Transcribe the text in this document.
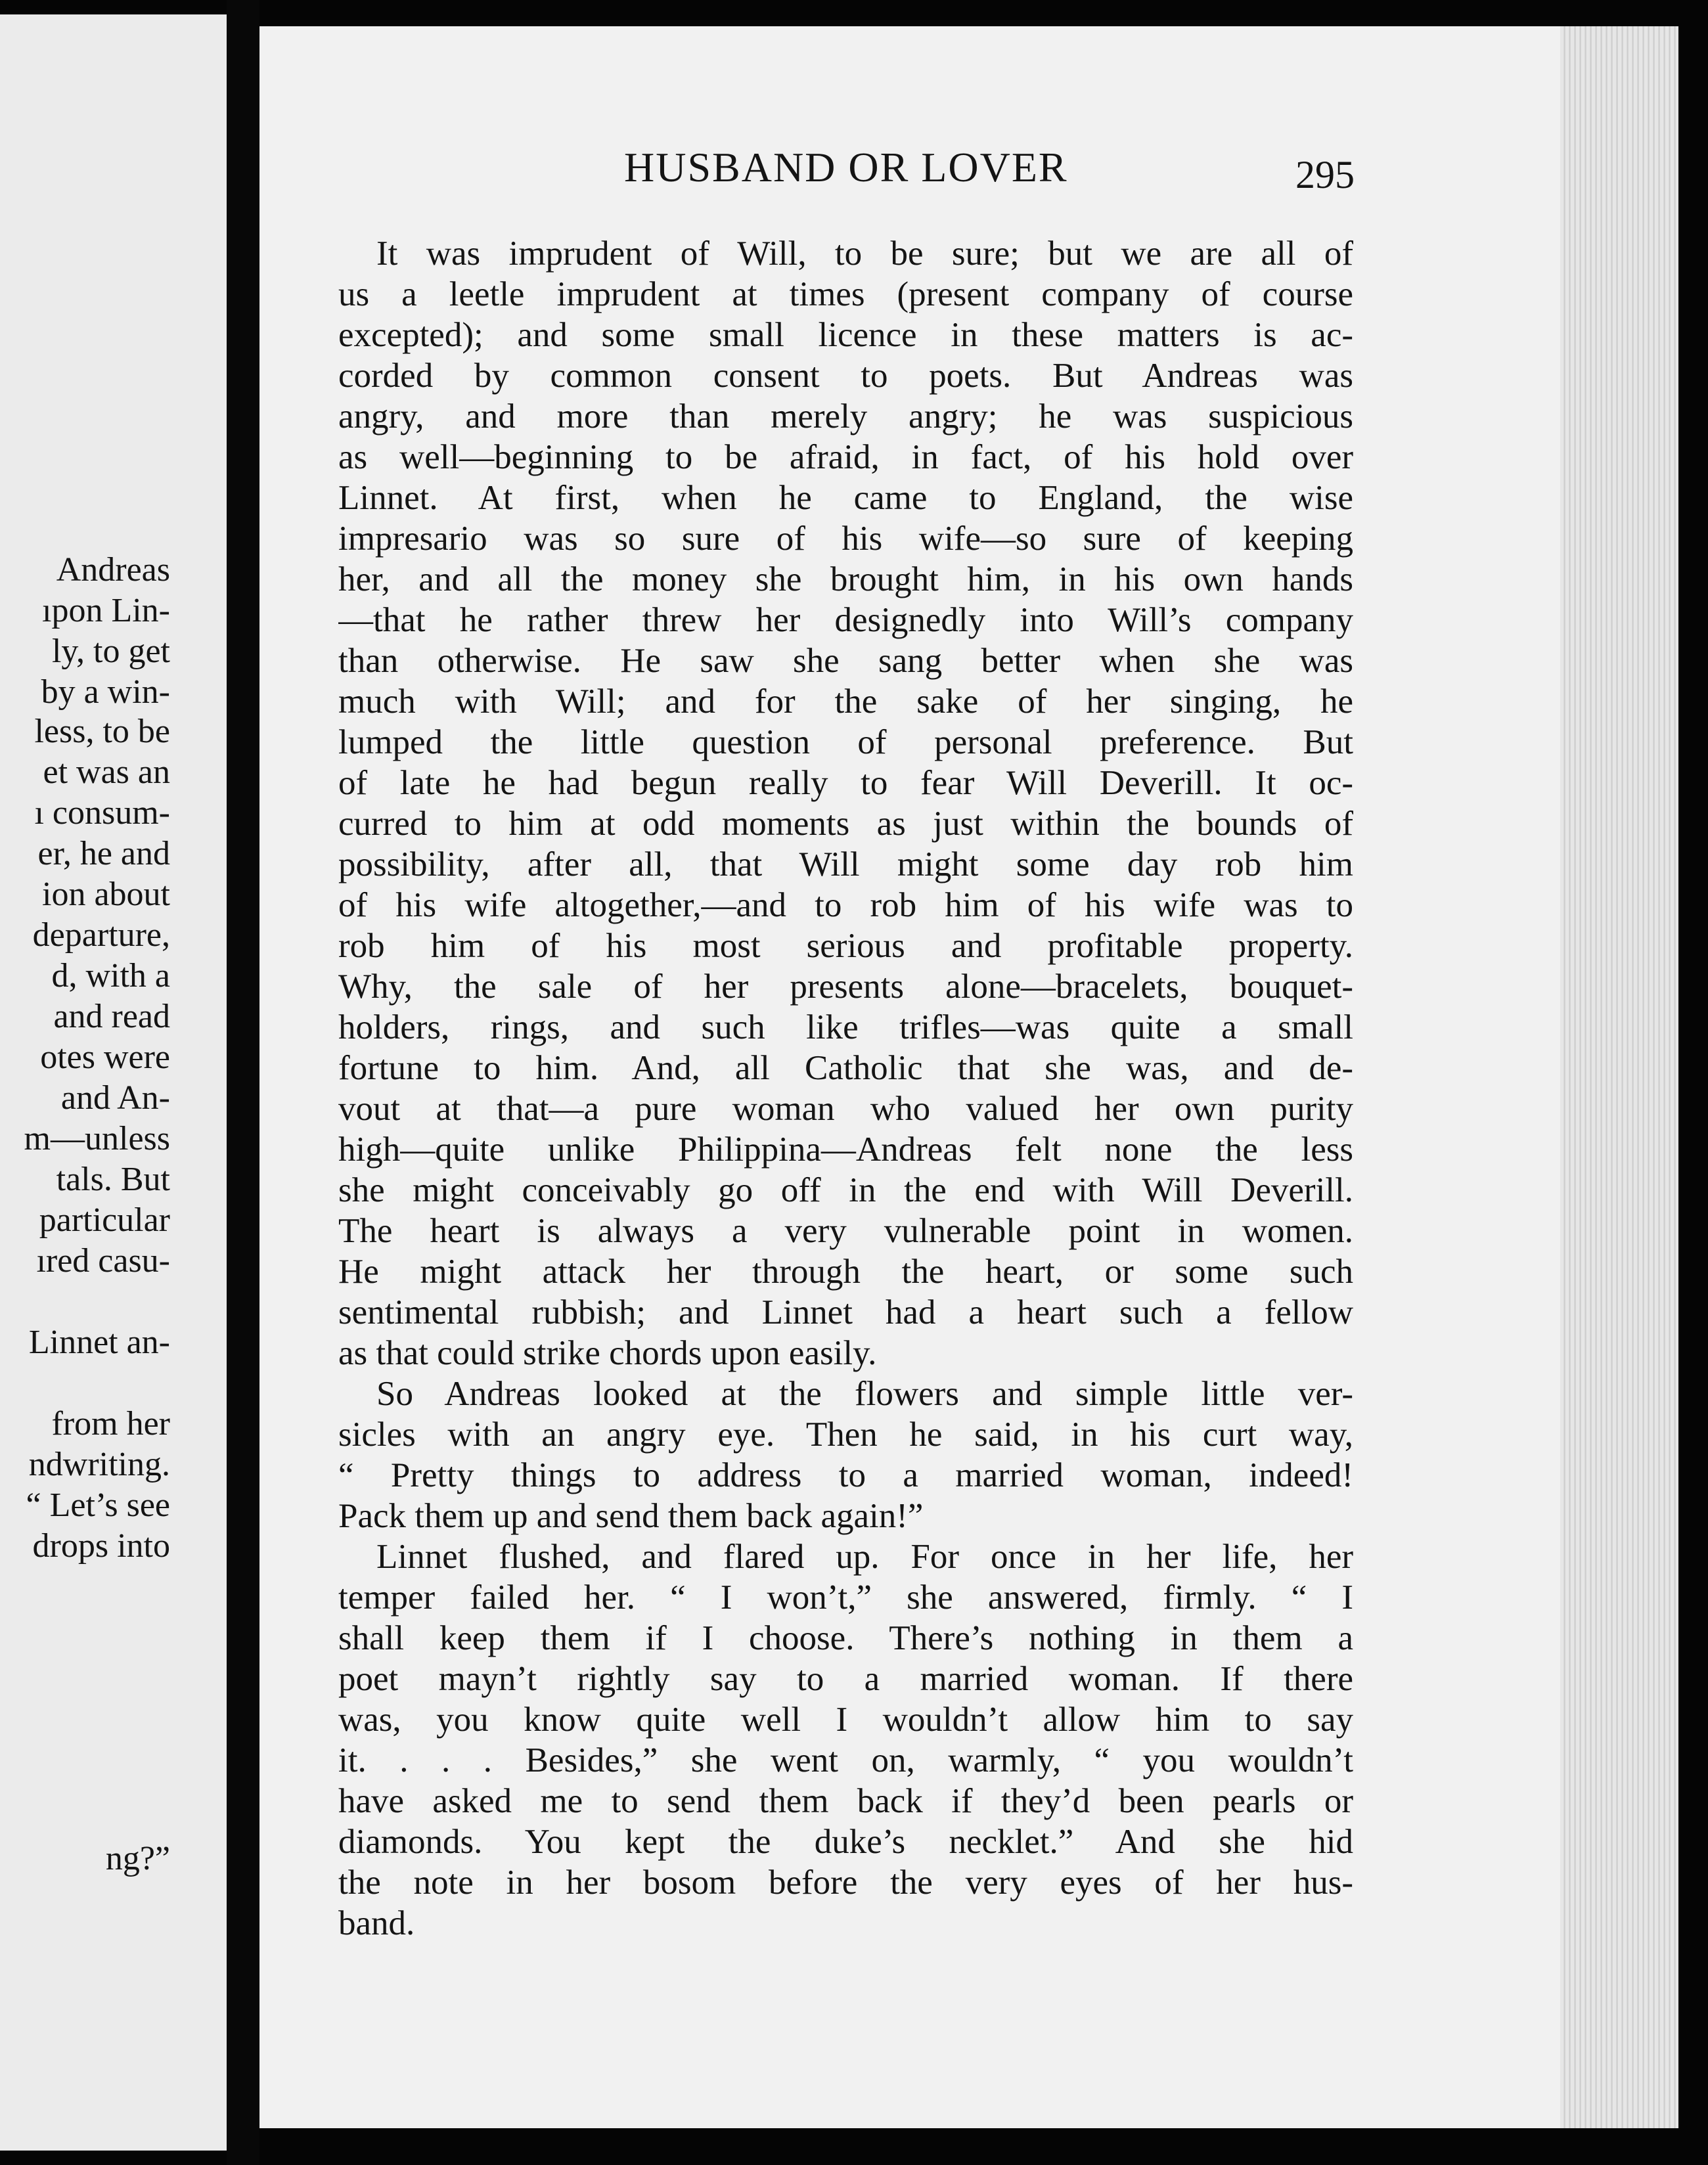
Andreas
ıpon Lin-
ly, to get
by a win-
less, to be
et was an
ı consum-
er, he and
ion about
departure,
d, with a
and read
otes were
and An-
m—unless
tals. But
particular
ıred casu-
Linnet an-
from her
ndwriting.
“ Let’s see
drops into
ng?”
HUSBAND OR LOVER	295
It was imprudent of Will, to be sure; but we are all of
us a leetle imprudent at times (present company of course
excepted); and some small licence in these matters is ac-
corded by common consent to poets. But Andreas was
angry, and more than merely angry; he was suspicious
as well—beginning to be afraid, in fact, of his hold over
Linnet. At first, when he came to England, the wise
impresario was so sure of his wife—so sure of keeping
her, and all the money she brought him, in his own hands
—that he rather threw her designedly into Will’s company
than otherwise. He saw she sang better when she was
much with Will; and for the sake of her singing, he
lumped the little question of personal preference. But
of late he had begun really to fear Will Deverill. It oc-
curred to him at odd moments as just within the bounds of
possibility, after all, that Will might some day rob him
of his wife altogether,—and to rob him of his wife was to
rob him of his most serious and profitable property.
Why, the sale of her presents alone—bracelets, bouquet-
holders, rings, and such like trifles—was quite a small
fortune to him. And, all Catholic that she was, and de-
vout at that—a pure woman who valued her own purity
high—quite unlike Philippina—Andreas felt none the less
she might conceivably go off in the end with Will Deverill.
The heart is always a very vulnerable point in women.
He might attack her through the heart, or some such
sentimental rubbish; and Linnet had a heart such a fellow
as that could strike chords upon easily.
So Andreas looked at the flowers and simple little ver-
sicles with an angry eye. Then he said, in his curt way,
“ Pretty things to address to a married woman, indeed!
Pack them up and send them back again!”
Linnet flushed, and flared up. For once in her life, her
temper failed her. “ I won’t,” she answered, firmly. “ I
shall keep them if I choose. There’s nothing in them a
poet mayn’t rightly say to a married woman. If there
was, you know quite well I wouldn’t allow him to say
it. . . . Besides,” she went on, warmly, “ you wouldn’t
have asked me to send them back if they’d been pearls or
diamonds. You kept the duke’s necklet.” And she hid
the note in her bosom before the very eyes of her hus-
band.
